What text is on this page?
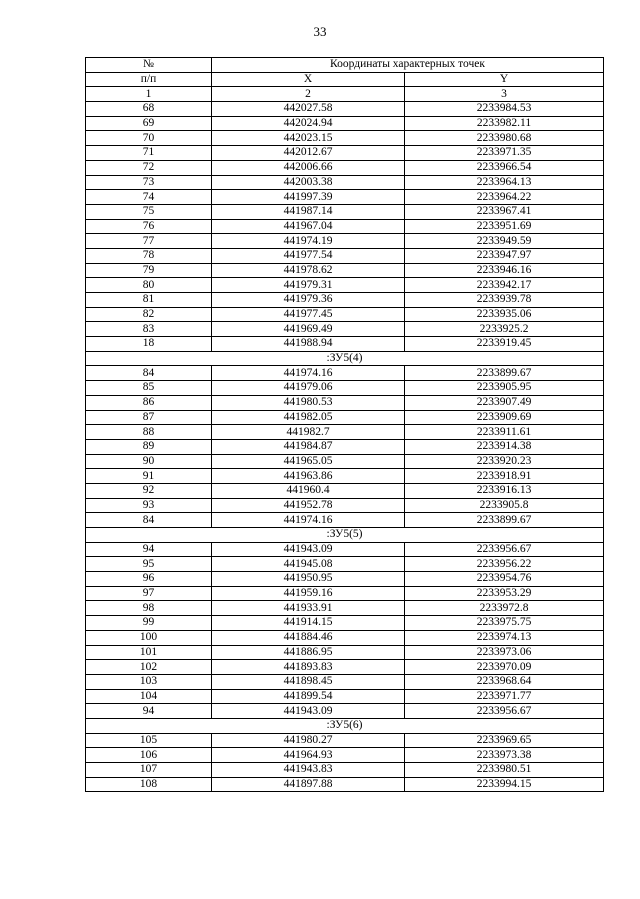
33
№	Координаты характерных точек	
п/п	X	Y
1	2	3
68	442027.58	2233984.53
69	442024.94	2233982.11
70	442023.15	2233980.68
71	442012.67	2233971.35
72	442006.66	2233966.54
73	442003.38	2233964.13
74	441997.39	2233964.22
75	441987.14	2233967.41
76	441967.04	2233951.69
77	441974.19	2233949.59
78	441977.54	2233947.97
79	441978.62	2233946.16
80	441979.31	2233942.17
81	441979.36	2233939.78
82	441977.45	2233935.06
83	441969.49	2233925.2
18	441988.94	2233919.45
:ЗУ5(4)		
84	441974.16	2233899.67
85	441979.06	2233905.95
86	441980.53	2233907.49
87	441982.05	2233909.69
88	441982.7	2233911.61
89	441984.87	2233914.38
90	441965.05	2233920.23
91	441963.86	2233918.91
92	441960.4	2233916.13
93	441952.78	2233905.8
84	441974.16	2233899.67
:ЗУ5(5)		
94	441943.09	2233956.67
95	441945.08	2233956.22
96	441950.95	2233954.76
97	441959.16	2233953.29
98	441933.91	2233972.8
99	441914.15	2233975.75
100	441884.46	2233974.13
101	441886.95	2233973.06
102	441893.83	2233970.09
103	441898.45	2233968.64
104	441899.54	2233971.77
94	441943.09	2233956.67
:ЗУ5(6)		
105	441980.27	2233969.65
106	441964.93	2233973.38
107	441943.83	2233980.51
108	441897.88	2233994.15
